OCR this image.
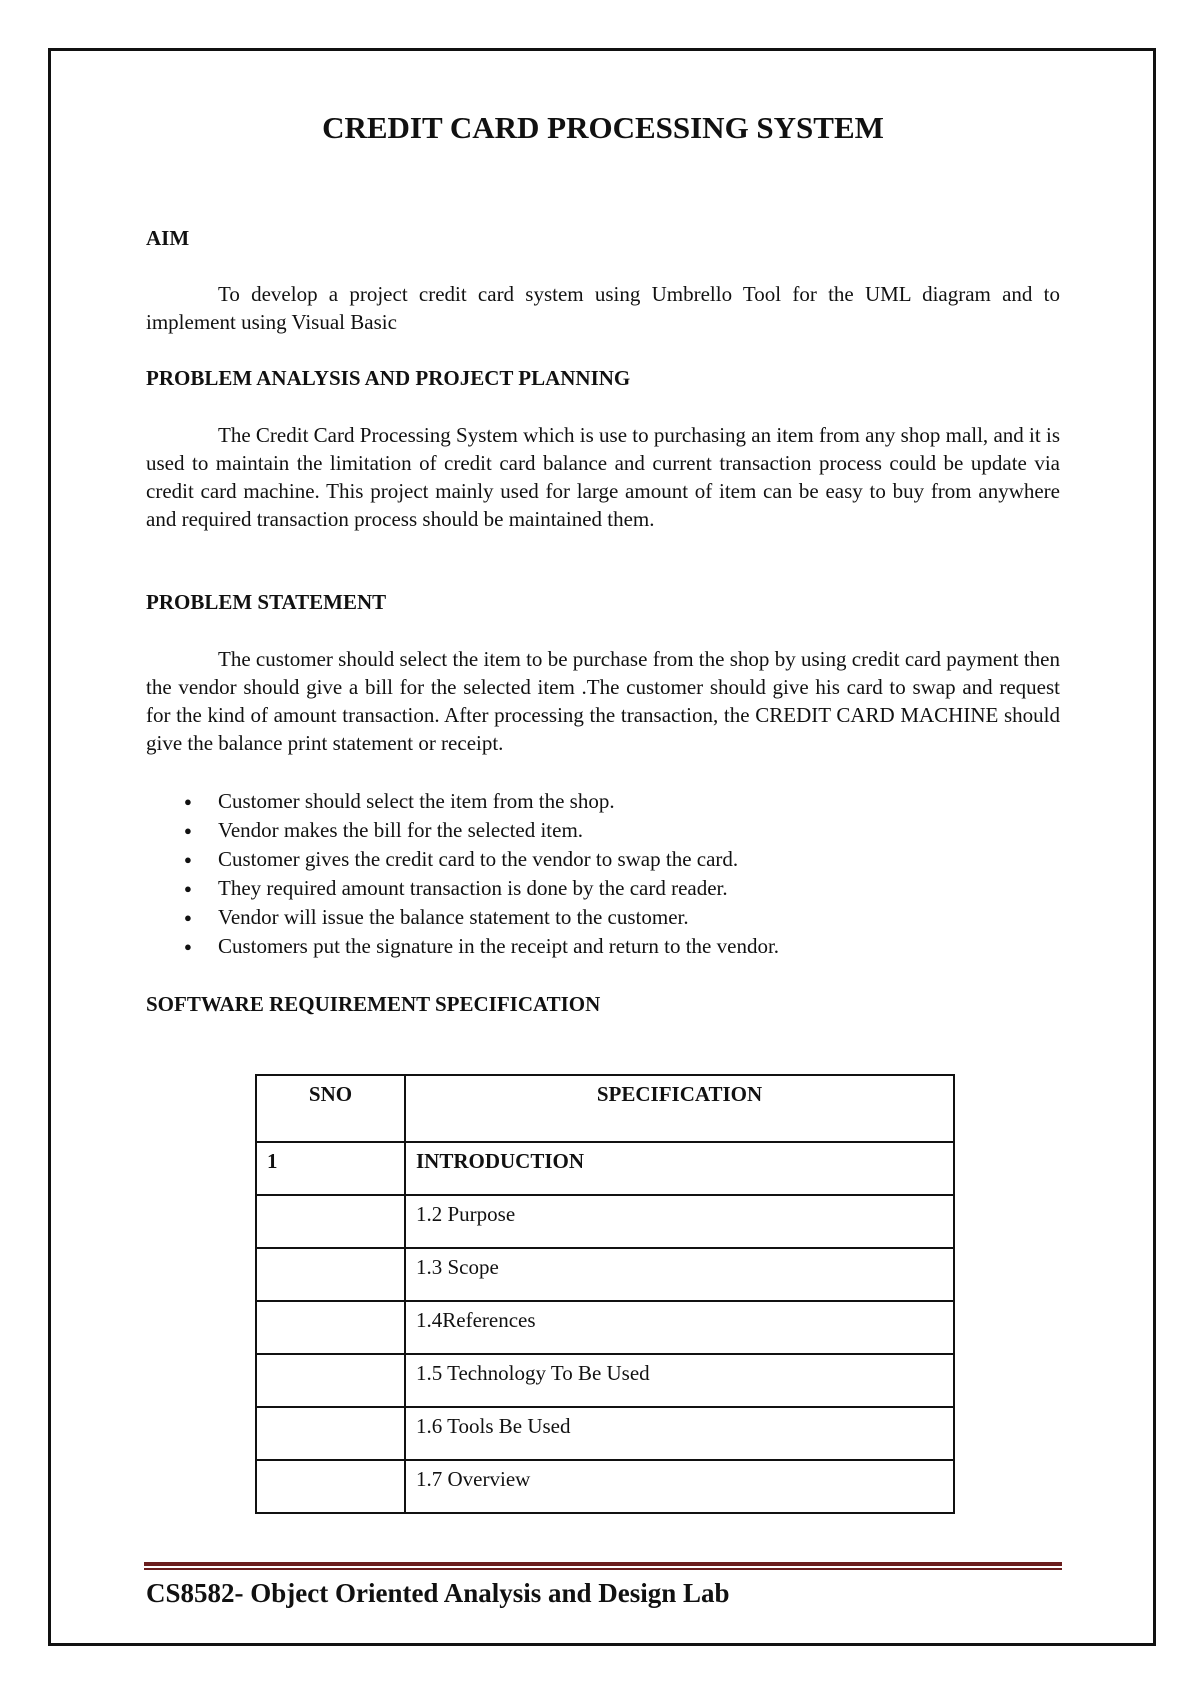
CREDIT CARD PROCESSING SYSTEM
AIM

To develop a project credit card system using Umbrello Tool for the UML diagram and to implement using Visual Basic

PROBLEM ANALYSIS AND PROJECT PLANNING

The Credit Card Processing System which is use to purchasing an item from any shop mall, and it is used to maintain the limitation of credit card balance and current transaction process could be update via credit card machine. This project mainly used for large amount of item can be easy to buy from anywhere and required transaction process should be maintained them.

PROBLEM STATEMENT

The customer should select the item to be purchase from the shop by using credit card payment then the vendor should give a bill for the selected item .The customer should give his card to swap and request for the kind of amount transaction. After processing the transaction, the CREDIT CARD MACHINE should give the balance print statement or receipt.

● Customer should select the item from the shop.
● Vendor makes the bill for the selected item.
● Customer gives the credit card to the vendor to swap the card.
● They required amount transaction is done by the card reader.
● Vendor will issue the balance statement to the customer.
● Customers put the signature in the receipt and return to the vendor.
SOFTWARE REQUIREMENT SPECIFICATION
SNO	SPECIFICATION
1	INTRODUCTION
	1.2 Purpose
	1.3 Scope
	1.4References
	1.5 Technology To Be Used
	1.6 Tools Be Used
	1.7 Overview

CS8582- Object Oriented Analysis and Design Lab
